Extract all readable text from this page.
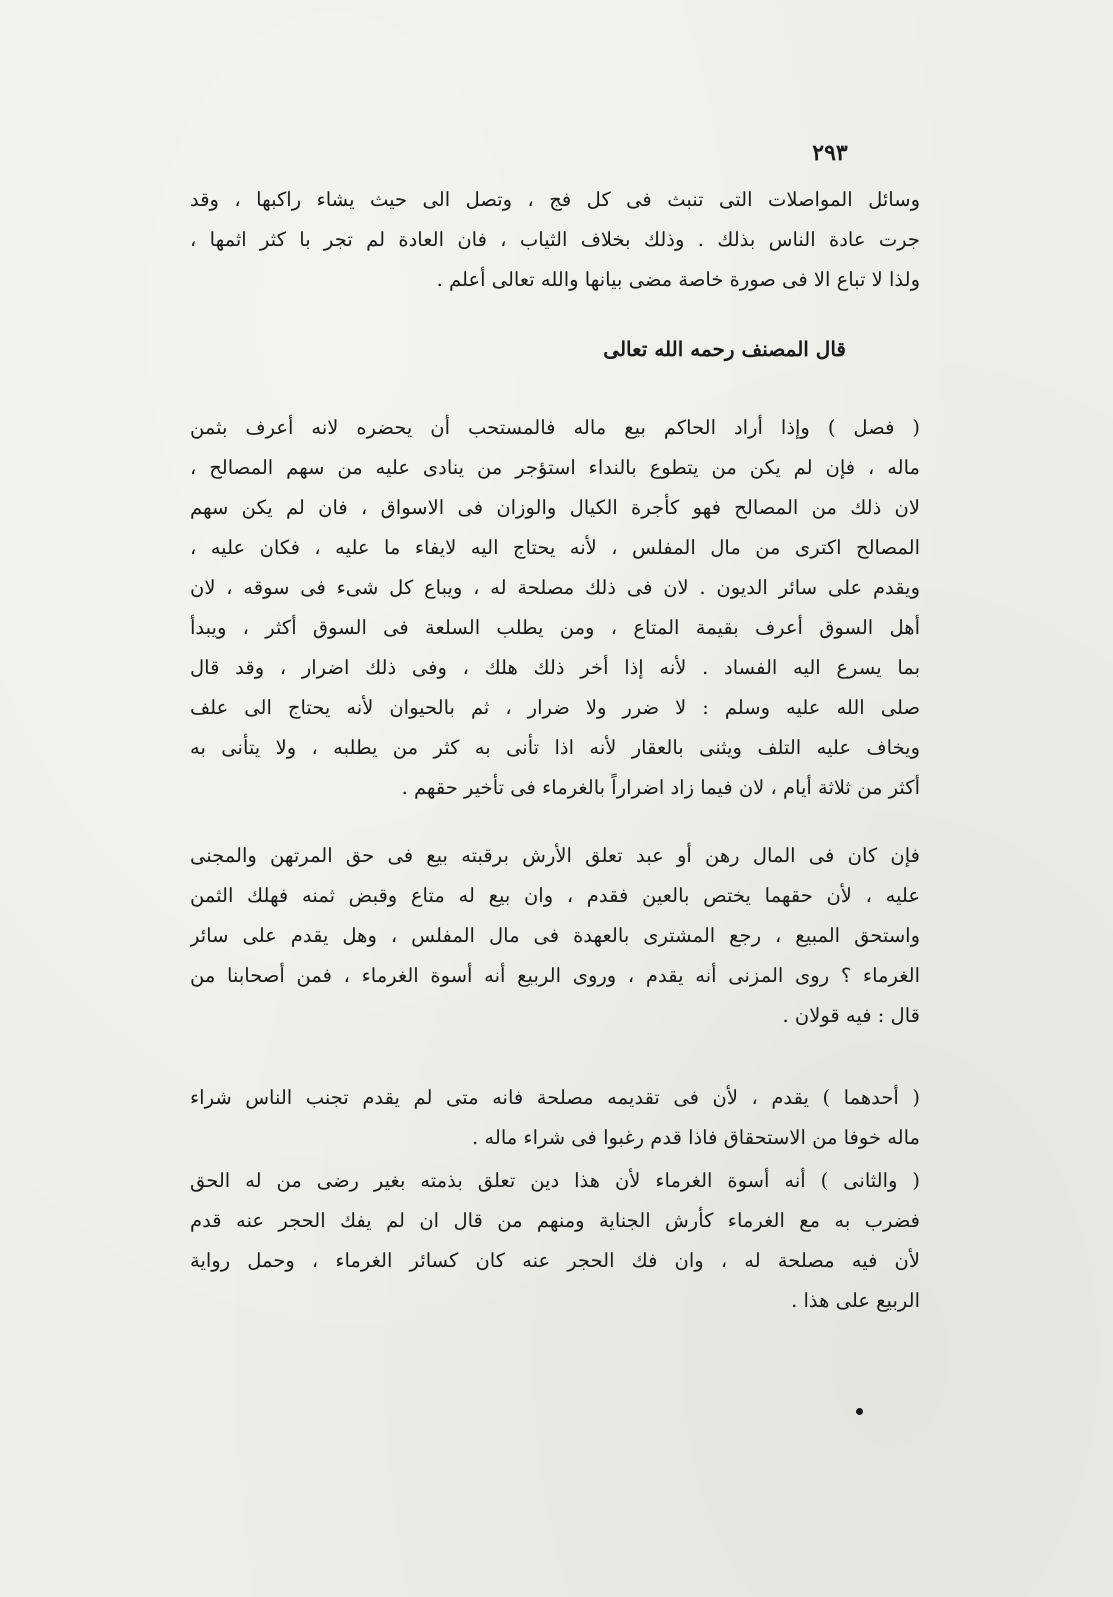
٢٩٣
وسائل المواصلات التى تنبث فى كل فج ، وتصل الى حيث يشاء راكبها ، وقد
جرت عادة الناس بذلك . وذلك بخلاف الثياب ، فان العادة لم تجر با كثر اثمها ،
ولذا لا تباع الا فى صورة خاصة مضى بيانها والله تعالى أعلم .
قال المصنف رحمه الله تعالى
( فصل ) وإذا أراد الحاكم بيع ماله فالمستحب أن يحضره لانه أعرف بثمن
ماله ، فإن لم يكن من يتطوع بالنداء استؤجر من ينادى عليه من سهم المصالح ،
لان ذلك من المصالح فهو كأجرة الكيال والوزان فى الاسواق ، فان لم يكن سهم
المصالح اكترى من مال المفلس ، لأنه يحتاج اليه لايفاء ما عليه ، فكان عليه ،
ويقدم على سائر الديون . لان فى ذلك مصلحة له ، ويباع كل شىء فى سوقه ، لان
أهل السوق أعرف بقيمة المتاع ، ومن يطلب السلعة فى السوق أكثر ، ويبدأ
بما يسرع اليه الفساد . لأنه إذا أخر ذلك هلك ، وفى ذلك اضرار ، وقد قال
صلى الله عليه وسلم : لا ضرر ولا ضرار ، ثم بالحيوان لأنه يحتاج الى علف
ويخاف عليه التلف ويثنى بالعقار لأنه اذا تأنى به كثر من يطلبه ، ولا يتأنى به
أكثر من ثلاثة أيام ، لان فيما زاد اضراراً بالغرماء فى تأخير حقهم .
فإن كان فى المال رهن أو عبد تعلق الأرش برقبته بيع فى حق المرتهن والمجنى
عليه ، لأن حقهما يختص بالعين فقدم ، وان بيع له متاع وقبض ثمنه فهلك الثمن
واستحق المبيع ، رجع المشترى بالعهدة فى مال المفلس ، وهل يقدم على سائر
الغرماء ؟ روى المزنى أنه يقدم ، وروى الربيع أنه أسوة الغرماء ، فمن أصحابنا من
قال : فيه قولان .
( أحدهما ) يقدم ، لأن فى تقديمه مصلحة فانه متى لم يقدم تجنب الناس شراء
ماله خوفا من الاستحقاق فاذا قدم رغبوا فى شراء ماله .
( والثانى ) أنه أسوة الغرماء لأن هذا دين تعلق بذمته بغير رضى من له الحق
فضرب به مع الغرماء كأرش الجناية ومنهم من قال ان لم يفك الحجر عنه قدم
لأن فيه مصلحة له ، وان فك الحجر عنه كان كسائر الغرماء ، وحمل رواية
الربيع على هذا .
